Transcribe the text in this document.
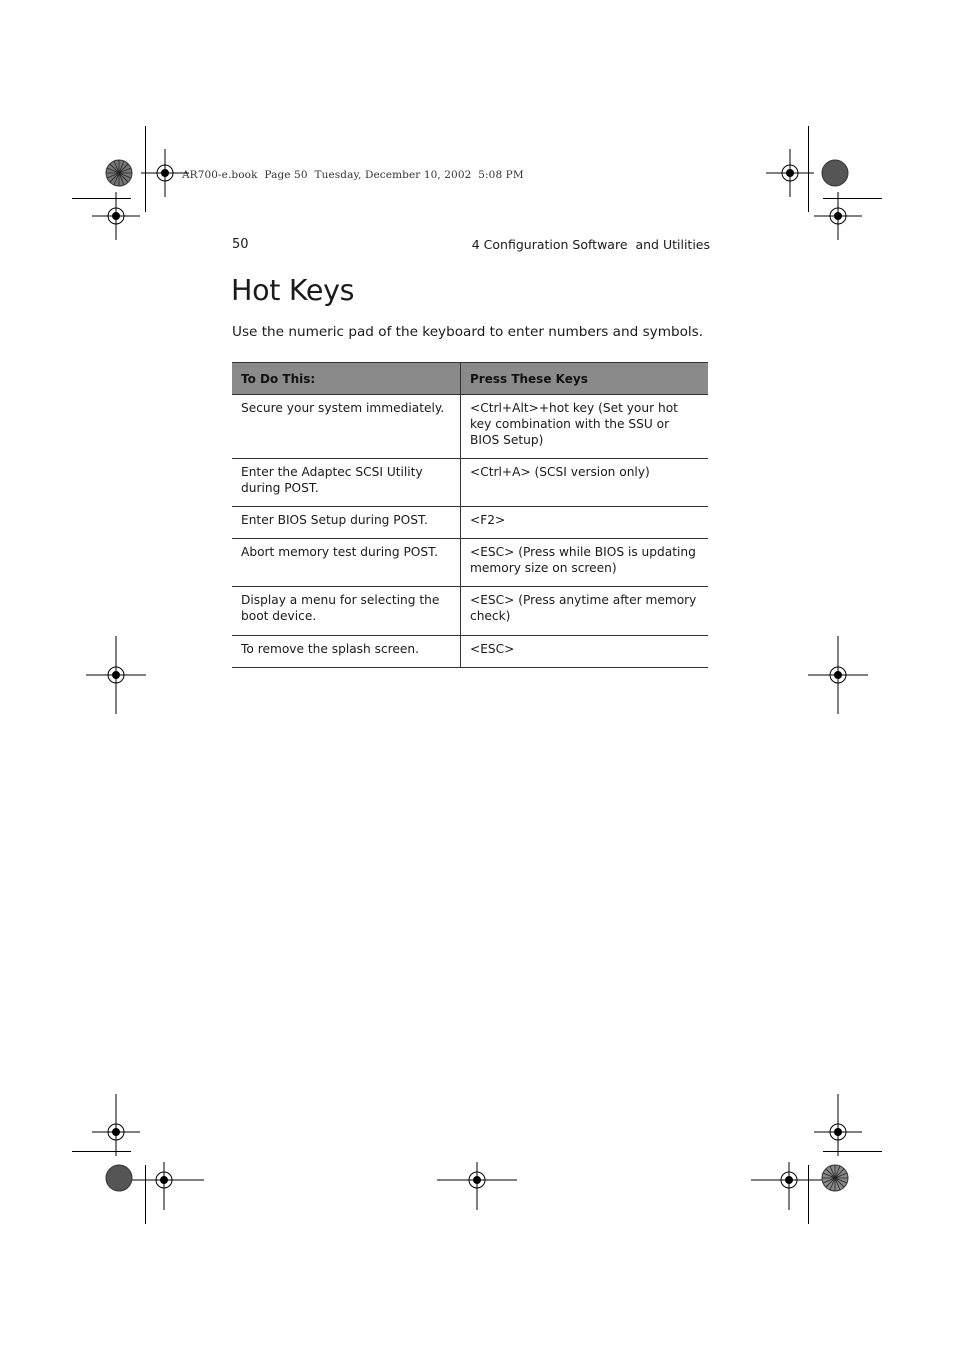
AR700-e.book  Page 50  Tuesday, December 10, 2002  5:08 PM
50	4 Configuration Software  and Utilities
Hot Keys

Use the numeric pad of the keyboard to enter numbers and symbols.

To Do This:	Press These Keys
Secure your system immediately.	<Ctrl+Alt>+hot key (Set your hot key combination with the SSU or BIOS Setup)
Enter the Adaptec SCSI Utility during POST.	<Ctrl+A> (SCSI version only)
Enter BIOS Setup during POST.	<F2>
Abort memory test during POST.	<ESC> (Press while BIOS is updating memory size on screen)
Display a menu for selecting the boot device.	<ESC> (Press anytime after memory check)
To remove the splash screen.	<ESC>
